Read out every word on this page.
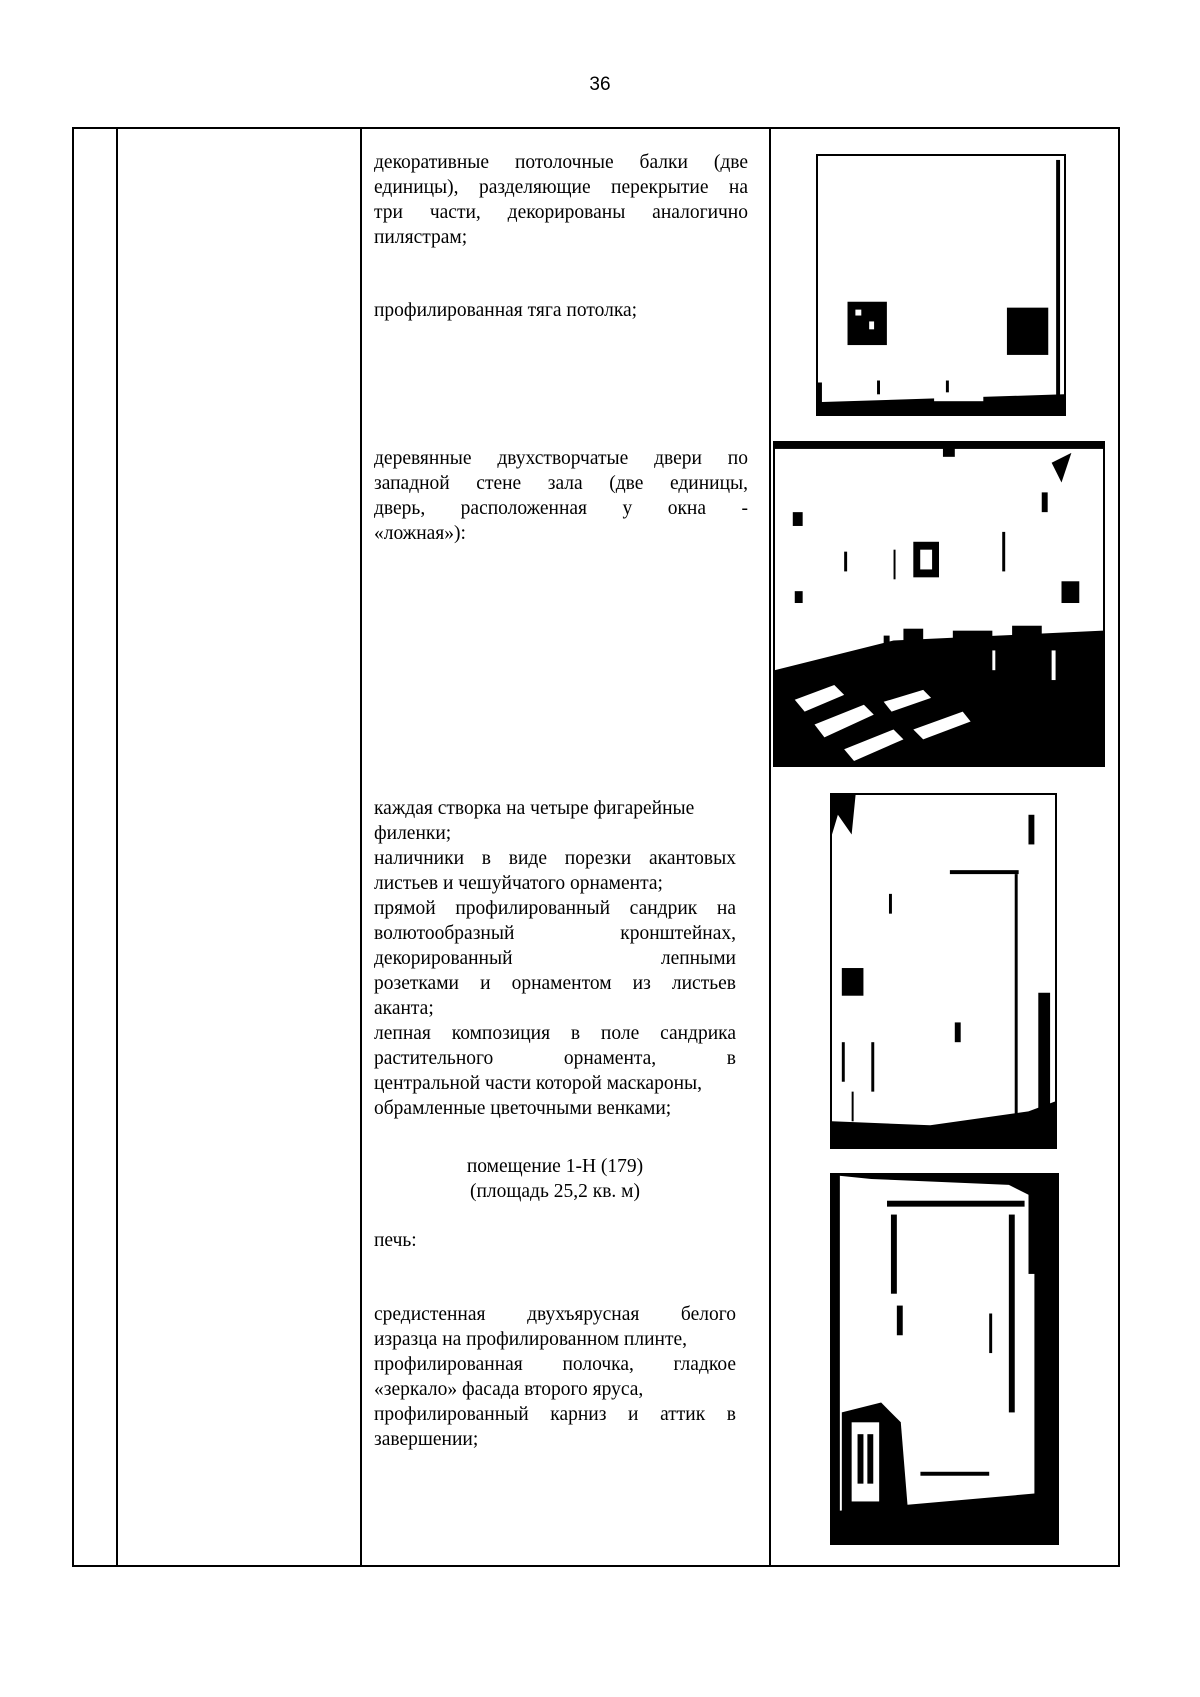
36
декоративные потолочные балки (две
единицы), разделяющие перекрытие на
три части, декорированы аналогично
пилястрам;
профилированная тяга потолка;
деревянные двухстворчатые двери по
западной стене зала (две единицы,
дверь, расположенная у окна -
«ложная»):
каждая створка на четыре фигарейные
филенки;
наличники в виде порезки акантовых
листьев и чешуйчатого орнамента;
прямой профилированный сандрик на
волютообразный кронштейнах,
декорированный лепными
розетками и орнаментом из листьев
аканта;
лепная композиция в поле сандрика
растительного орнамента, в
центральной части которой маскароны,
обрамленные цветочными венками;
помещение 1-Н (179)
(площадь 25,2 кв. м)
печь:
средистенная двухъярусная белого
изразца на профилированном плинте,
профилированная полочка, гладкое
«зеркало» фасада второго яруса,
профилированный карниз и аттик в
завершении;
